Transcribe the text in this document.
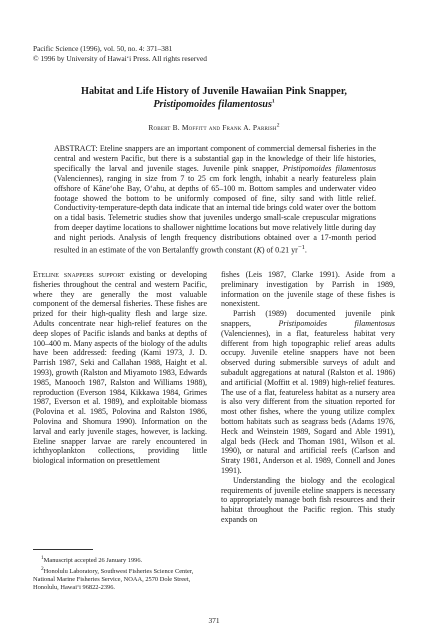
Pacific Science (1996), vol. 50, no. 4: 371–381
© 1996 by University of Hawai‘i Press. All rights reserved
Habitat and Life History of Juvenile Hawaiian Pink Snapper,
Pristipomoides filamentosus$^1$
Robert B. Moffitt and Frank A. Parrish$^2$
ABSTRACT: Eteline snappers are an important component of commercial demersal fisheries in the central and western Pacific, but there is a substantial gap in the knowledge of their life histories, specifically the larval and juvenile stages. Juvenile pink snapper, Pristipomoides filamentosus (Valenciennes), ranging in size from 7 to 25 cm fork length, inhabit a nearly featureless plain offshore of Kāne‘ohe Bay, O‘ahu, at depths of 65–100 m. Bottom samples and underwater video footage showed the bottom to be uniformly composed of fine, silty sand with little relief. Conductivity-temperature-depth data indicate that an internal tide brings cold water over the bottom on a tidal basis. Telemetric studies show that juveniles undergo small-scale crepuscular migrations from deeper daytime locations to shallower nighttime locations but move relatively little during day and night periods. Analysis of length frequency distributions obtained over a 17-month period resulted in an estimate of the von Bertalanffy growth constant (K) of 0.21 $yr^{-1}$.

Eteline snappers support existing or developing fisheries throughout the central and western Pacific, where they are generally the most valuable component of the demersal fisheries. These fishes are prized for their high-quality flesh and large size. Adults concentrate near high-relief features on the deep slopes of Pacific islands and banks at depths of 100–400 m. Many aspects of the biology of the adults have been addressed: feeding (Kami 1973, J. D. Parrish 1987, Seki and Callahan 1988, Haight et al. 1993), growth (Ralston and Miyamoto 1983, Edwards 1985, Manooch 1987, Ralston and Williams 1988), reproduction (Everson 1984, Kikkawa 1984, Grimes 1987, Everson et al. 1989), and exploitable biomass (Polovina et al. 1985, Polovina and Ralston 1986, Polovina and Shomura 1990). Information on the larval and early juvenile stages, however, is lacking. Eteline snapper larvae are rarely encountered in ichthyoplankton collections, providing little biological information on presettlement

fishes (Leis 1987, Clarke 1991). Aside from a preliminary investigation by Parrish in 1989, information on the juvenile stage of these fishes is nonexistent.

Parrish (1989) documented juvenile pink snappers, Pristipomoides filamentosus (Valenciennes), in a flat, featureless habitat very different from high topographic relief areas adults occupy. Juvenile eteline snappers have not been observed during submersible surveys of adult and subadult aggregations at natural (Ralston et al. 1986) and artificial (Moffitt et al. 1989) high-relief features. The use of a flat, featureless habitat as a nursery area is also very different from the situation reported for most other fishes, where the young utilize complex bottom habitats such as seagrass beds (Adams 1976, Heck and Weinstein 1989, Sogard and Able 1991), algal beds (Heck and Thoman 1981, Wilson et al. 1990), or natural and artificial reefs (Carlson and Straty 1981, Anderson et al. 1989, Connell and Jones 1991).

Understanding the biology and the ecological requirements of juvenile eteline snappers is necessary to appropriately manage both fish resources and their habitat throughout the Pacific region. This study expands on

$^1$Manuscript accepted 26 January 1996.

$^2$Honolulu Laboratory, Southwest Fisheries Science Center, National Marine Fisheries Service, NOAA, 2570 Dole Street, Honolulu, Hawai‘i 96822-2396.

371
